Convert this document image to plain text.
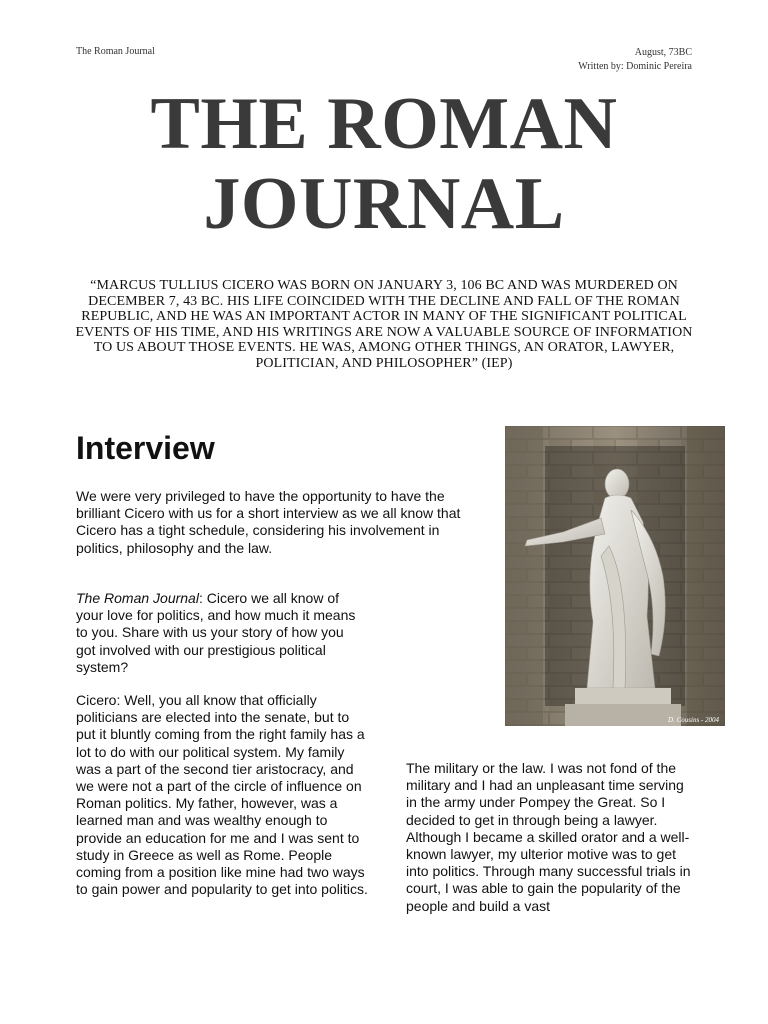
The Roman Journal	August, 73BC
Written by: Dominic Pereira
THE ROMAN
JOURNAL
“MARCUS TULLIUS CICERO WAS BORN ON JANUARY 3, 106 BC AND WAS MURDERED ON DECEMBER 7, 43 BC. HIS LIFE COINCIDED WITH THE DECLINE AND FALL OF THE ROMAN REPUBLIC, AND HE WAS AN IMPORTANT ACTOR IN MANY OF THE SIGNIFICANT POLITICAL EVENTS OF HIS TIME, AND HIS WRITINGS ARE NOW A VALUABLE SOURCE OF INFORMATION TO US ABOUT THOSE EVENTS. HE WAS, AMONG OTHER THINGS, AN ORATOR, LAWYER, POLITICIAN, AND PHILOSOPHER” (IEP)
Interview
We were very privileged to have the opportunity to have the brilliant Cicero with us for a short interview as we all know that Cicero has a tight schedule, considering his involvement in politics, philosophy and the law.
The Roman Journal: Cicero we all know of your love for politics, and how much it means to you. Share with us your story of how you got involved with our prestigious political system?
Cicero: Well, you all know that officially politicians are elected into the senate, but to put it bluntly coming from the right family has a lot to do with our political system. My family was a part of the second tier aristocracy, and we were not a part of the circle of influence on Roman politics. My father, however, was a learned man and was wealthy enough to provide an education for me and I was sent to study in Greece as well as Rome. People coming from a position like mine had two ways to gain power and popularity to get into politics.
The military or the law. I was not fond of the military and I had an unpleasant time serving in the army under Pompey the Great. So I decided to get in through being a lawyer. Although I became a skilled orator and a well-known lawyer, my ulterior motive was to get into politics. Through many successful trials in court, I was able to gain the popularity of the people and build a vast
D. Cousins - 2004
